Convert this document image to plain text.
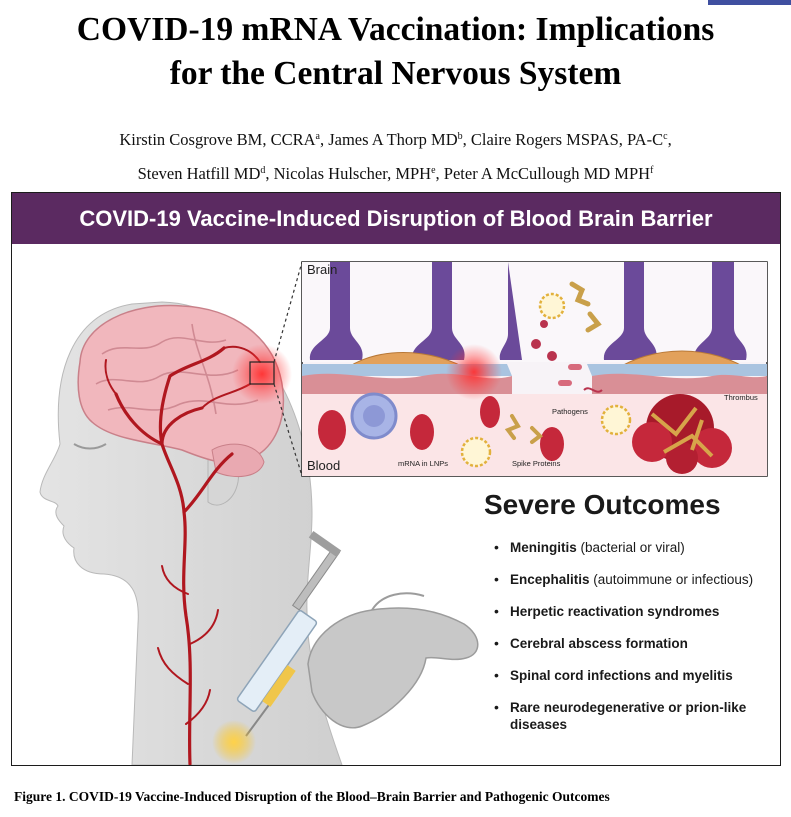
COVID-19 mRNA Vaccination: Implications
for the Central Nervous System
Kirstin Cosgrove BM, CCRA$^a$, James A Thorp $MD^b$, Claire Rogers MSPAS, $PA-C^c$,
Steven Hatfill $MD^d$, Nicolas Hulscher, MPH$^e$, Peter A McCullough MD MPH$^f$
COVID-19 Vaccine-Induced Disruption of Blood Brain Barrier
Brain
Blood
Pathogens
Thrombus
mRNA in LNPs	Spike Proteins
Severe Outcomes
• Meningitis (bacterial or viral)
• Encephalitis (autoimmune or infectious)
• Herpetic reactivation syndromes
• Cerebral abscess formation
• Spinal cord infections and myelitis
• Rare neurodegenerative or prion-like diseases
Figure 1. COVID-19 Vaccine-Induced Disruption of the Blood–Brain Barrier and Pathogenic Outcomes
